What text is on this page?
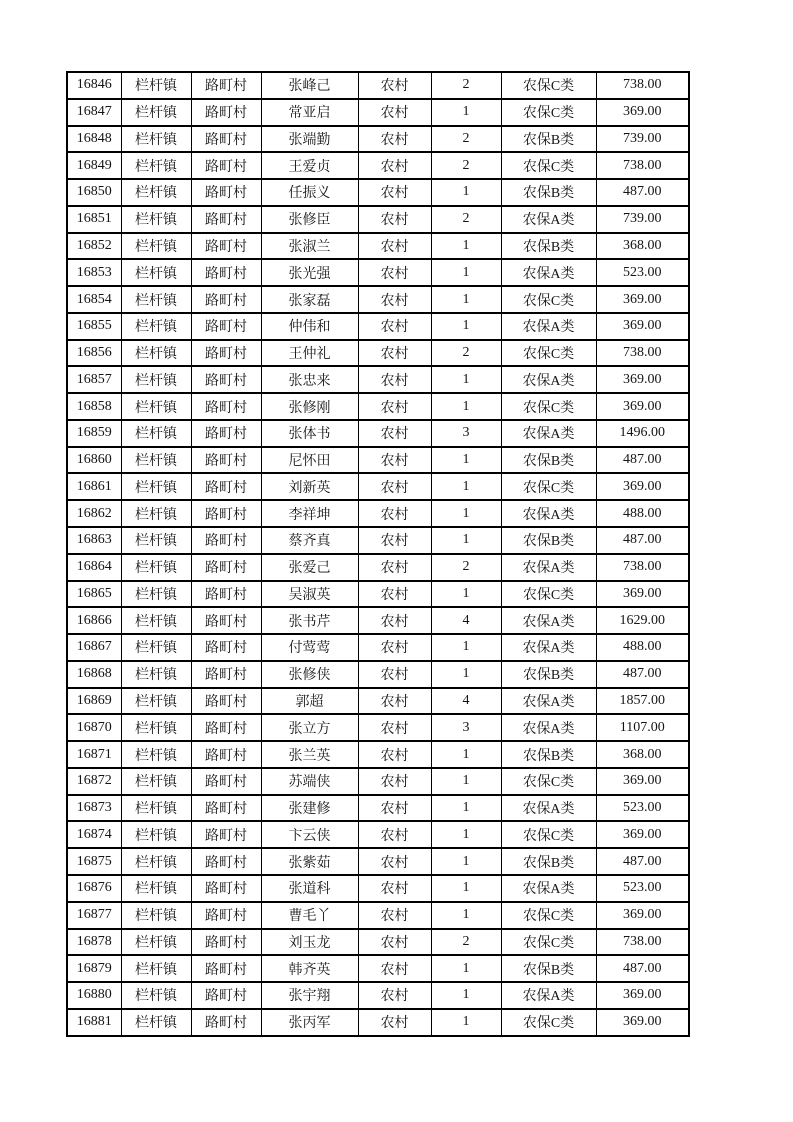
16846	栏杆镇	路町村	张峰己	农村	2	农保C类	738.00
16847	栏杆镇	路町村	常亚启	农村	1	农保C类	369.00
16848	栏杆镇	路町村	张端勤	农村	2	农保B类	739.00
16849	栏杆镇	路町村	王爱贞	农村	2	农保C类	738.00
16850	栏杆镇	路町村	任振义	农村	1	农保B类	487.00
16851	栏杆镇	路町村	张修臣	农村	2	农保A类	739.00
16852	栏杆镇	路町村	张淑兰	农村	1	农保B类	368.00
16853	栏杆镇	路町村	张光强	农村	1	农保A类	523.00
16854	栏杆镇	路町村	张家磊	农村	1	农保C类	369.00
16855	栏杆镇	路町村	仲伟和	农村	1	农保A类	369.00
16856	栏杆镇	路町村	王仲礼	农村	2	农保C类	738.00
16857	栏杆镇	路町村	张忠来	农村	1	农保A类	369.00
16858	栏杆镇	路町村	张修刚	农村	1	农保C类	369.00
16859	栏杆镇	路町村	张体书	农村	3	农保A类	1496.00
16860	栏杆镇	路町村	尼怀田	农村	1	农保B类	487.00
16861	栏杆镇	路町村	刘新英	农村	1	农保C类	369.00
16862	栏杆镇	路町村	李祥坤	农村	1	农保A类	488.00
16863	栏杆镇	路町村	蔡齐真	农村	1	农保B类	487.00
16864	栏杆镇	路町村	张爱己	农村	2	农保A类	738.00
16865	栏杆镇	路町村	吴淑英	农村	1	农保C类	369.00
16866	栏杆镇	路町村	张书芹	农村	4	农保A类	1629.00
16867	栏杆镇	路町村	付莺莺	农村	1	农保A类	488.00
16868	栏杆镇	路町村	张修侠	农村	1	农保B类	487.00
16869	栏杆镇	路町村	郭超	农村	4	农保A类	1857.00
16870	栏杆镇	路町村	张立方	农村	3	农保A类	1107.00
16871	栏杆镇	路町村	张兰英	农村	1	农保B类	368.00
16872	栏杆镇	路町村	苏端侠	农村	1	农保C类	369.00
16873	栏杆镇	路町村	张建修	农村	1	农保A类	523.00
16874	栏杆镇	路町村	卞云侠	农村	1	农保C类	369.00
16875	栏杆镇	路町村	张紫茹	农村	1	农保B类	487.00
16876	栏杆镇	路町村	张道科	农村	1	农保A类	523.00
16877	栏杆镇	路町村	曹毛丫	农村	1	农保C类	369.00
16878	栏杆镇	路町村	刘玉龙	农村	2	农保C类	738.00
16879	栏杆镇	路町村	韩齐英	农村	1	农保B类	487.00
16880	栏杆镇	路町村	张宇翔	农村	1	农保A类	369.00
16881	栏杆镇	路町村	张丙军	农村	1	农保C类	369.00
